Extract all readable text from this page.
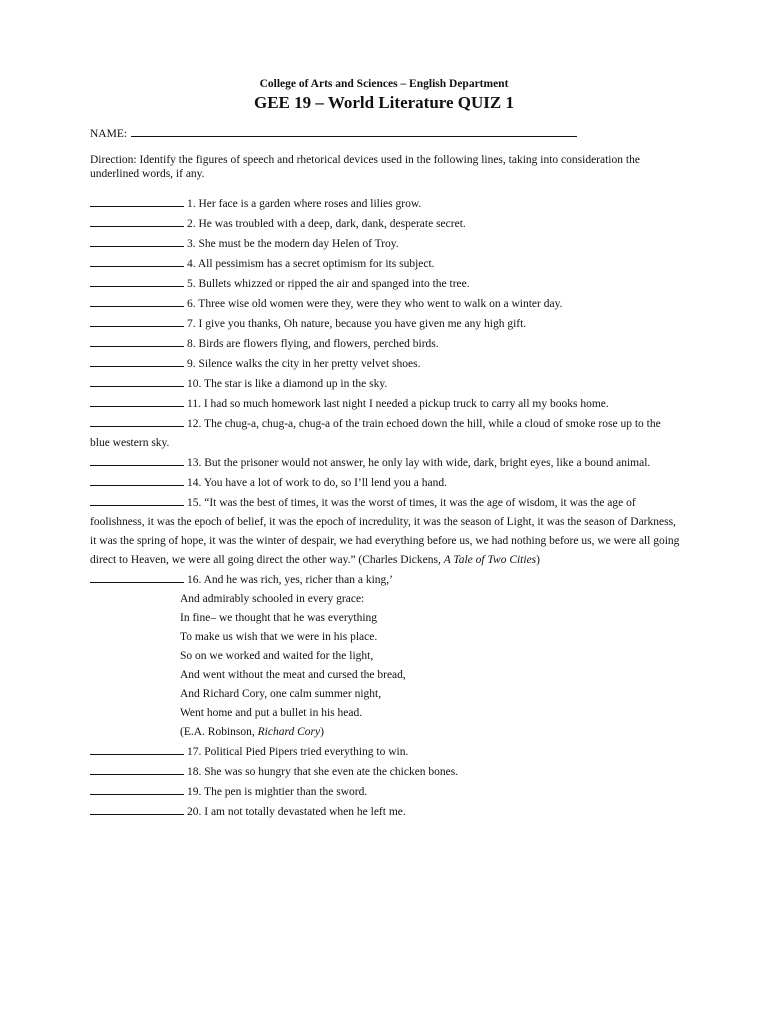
College of Arts and Sciences – English Department
GEE 19 – World Literature QUIZ 1
NAME:
Direction: Identify the figures of speech and rhetorical devices used in the following lines, taking into consideration the underlined words, if any.
1. Her face is a garden where roses and lilies grow.
2. He was troubled with a deep, dark, dank, desperate secret.
3. She must be the modern day Helen of Troy.
4. All pessimism has a secret optimism for its subject.
5. Bullets whizzed or ripped the air and spanged into the tree.
6. Three wise old women were they, were they who went to walk on a winter day.
7. I give you thanks, Oh nature, because you have given me any high gift.
8. Birds are flowers flying, and flowers, perched birds.
9. Silence walks the city in her pretty velvet shoes.
10. The star is like a diamond up in the sky.
11. I had so much homework last night I needed a pickup truck to carry all my books home.
12. The chug-a, chug-a, chug-a of the train echoed down the hill, while a cloud of smoke rose up to the blue western sky.
13. But the prisoner would not answer, he only lay with wide, dark, bright eyes, like a bound animal.
14. You have a lot of work to do, so I’ll lend you a hand.
15. “It was the best of times, it was the worst of times, it was the age of wisdom, it was the age of foolishness, it was the epoch of belief, it was the epoch of incredulity, it was the season of Light, it was the season of Darkness, it was the spring of hope, it was the winter of despair, we had everything before us, we had nothing before us, we were all going direct to Heaven, we were all going direct the other way.” (Charles Dickens, A Tale of Two Cities)
16. And he was rich, yes, richer than a king,’
And admirably schooled in every grace:
In fine– we thought that he was everything
To make us wish that we were in his place.
So on we worked and waited for the light,
And went without the meat and cursed the bread,
And Richard Cory, one calm summer night,
Went home and put a bullet in his head.
(E.A. Robinson, Richard Cory)
17. Political Pied Pipers tried everything to win.
18. She was so hungry that she even ate the chicken bones.
19. The pen is mightier than the sword.
20. I am not totally devastated when he left me.
